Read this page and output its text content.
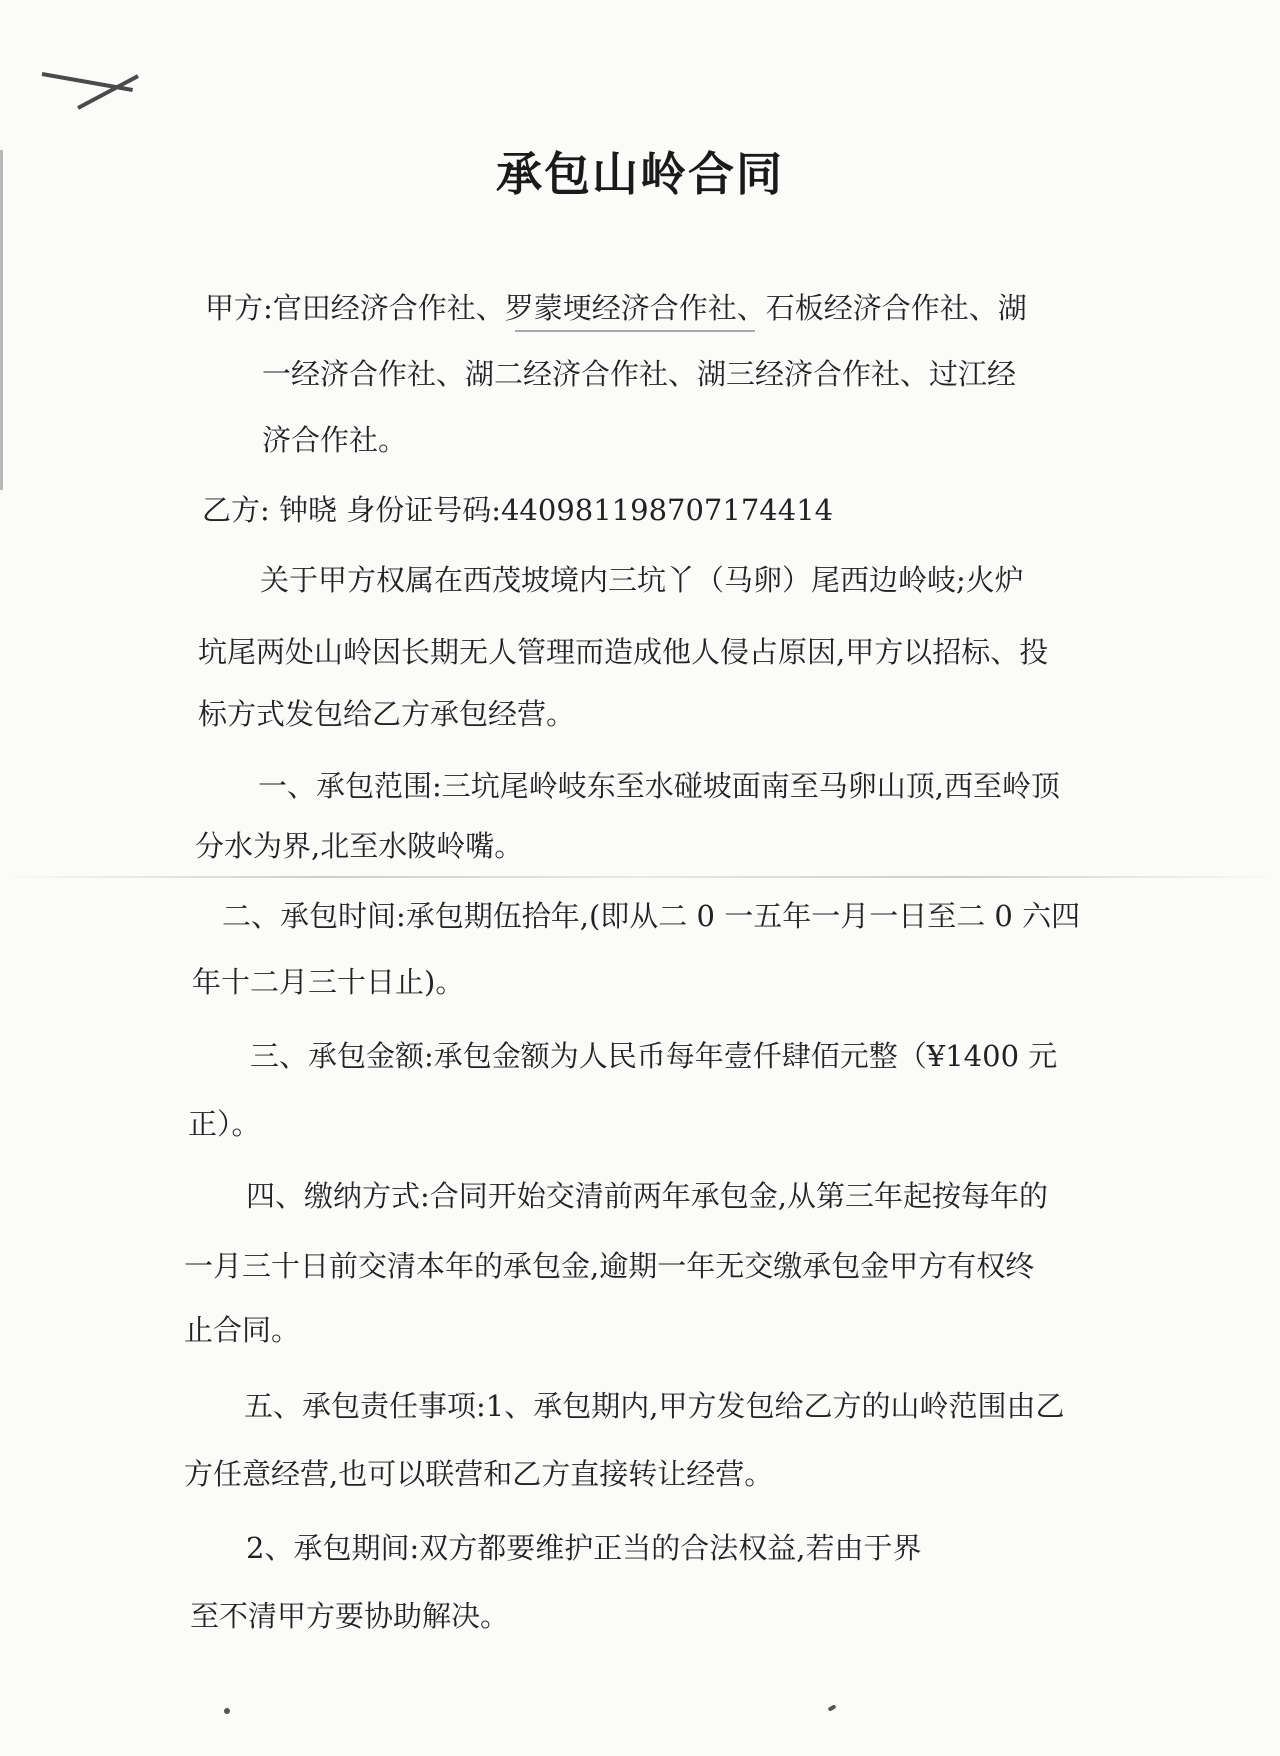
承包山岭合同
甲方:官田经济合作社、罗蒙埂经济合作社、石板经济合作社、湖
一经济合作社、湖二经济合作社、湖三经济合作社、过江经
济合作社。
乙方: 钟晓 身份证号码:440981198707174414
关于甲方权属在西茂坡境内三坑丫（马卵）尾西边岭岐;火炉
坑尾两处山岭因长期无人管理而造成他人侵占原因,甲方以招标、投
标方式发包给乙方承包经营。
一、承包范围:三坑尾岭岐东至水碰坡面南至马卵山顶,西至岭顶
分水为界,北至水陂岭嘴。
二、承包时间:承包期伍拾年,(即从二 0 一五年一月一日至二 0 六四
年十二月三十日止)。
三、承包金额:承包金额为人民币每年壹仟肆佰元整（¥1400 元
正）。
四、缴纳方式:合同开始交清前两年承包金,从第三年起按每年的
一月三十日前交清本年的承包金,逾期一年无交缴承包金甲方有权终
止合同。
五、承包责任事项:1、承包期内,甲方发包给乙方的山岭范围由乙
方任意经营,也可以联营和乙方直接转让经营。
2、承包期间:双方都要维护正当的合法权益,若由于界
至不清甲方要协助解决。
